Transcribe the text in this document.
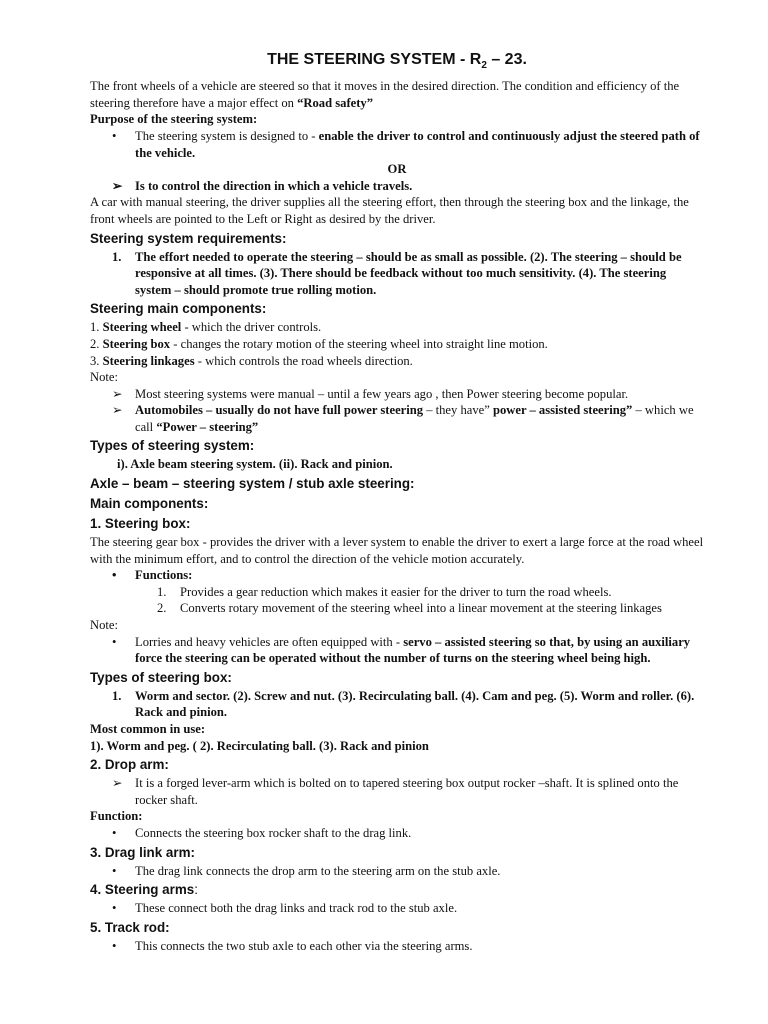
THE STEERING SYSTEM - $R_2 - 23$.

The front wheels of a vehicle are steered so that it moves in the desired direction. The condition and efficiency of the steering therefore have a major effect on “Road safety”

Purpose of the steering system:

•	The steering system is designed to - enable the driver to control and continuously adjust the steered path of the vehicle.

OR

➢ Is to control the direction in which a vehicle travels.

A car with manual steering, the driver supplies all the steering effort, then through the steering box and the linkage, the front wheels are pointed to the Left or Right as desired by the driver.

Steering system requirements:
1.	The effort needed to operate the steering – should be as small as possible. (2). The steering – should be responsive at all times. (3). There should be feedback without too much sensitivity. (4). The steering system – should promote true rolling motion.
Steering main components:

1. Steering wheel - which the driver controls.

2. Steering box - changes the rotary motion of the steering wheel into straight line motion.

3. Steering linkages - which controls the road wheels direction.

Note:

➢ Most steering systems were manual – until a few years ago , then Power steering become popular.
➢ Automobiles – usually do not have full power steering – they have” power – assisted steering” – which we call “Power – steering”
Types of steering system:

i). Axle beam steering system. (ii). Rack and pinion.

Axle – beam – steering system / stub axle steering:
Main components:
1. Steering box:

The steering gear box - provides the driver with a lever system to enable the driver to exert a large force at the road wheel with the minimum effort, and to control the direction of the vehicle motion accurately.

•	Functions:
1.	Provides a gear reduction which makes it easier for the driver to turn the road wheels.
2.	Converts rotary movement of the steering wheel into a linear movement at the steering linkages

Note:

•	Lorries and heavy vehicles are often equipped with - servo – assisted steering so that, by using an auxiliary force the steering can be operated without the number of turns on the steering wheel being high.
Types of steering box:
1.	Worm and sector. (2). Screw and nut. (3). Recirculating ball. (4). Cam and peg. (5). Worm and roller. (6). Rack and pinion.

Most common in use:

1). Worm and peg. ( 2). Recirculating ball. (3). Rack and pinion

2. Drop arm:
➢ It is a forged lever-arm which is bolted on to tapered steering box output rocker –shaft. It is splined onto the rocker shaft.

Function:

•	Connects the steering box rocker shaft to the drag link.
3. Drag link arm:
•	The drag link connects the drop arm to the steering arm on the stub axle.
4. Steering arms:
•	These connect both the drag links and track rod to the stub axle.
5. Track rod:
•	This connects the two stub axle to each other via the steering arms.
